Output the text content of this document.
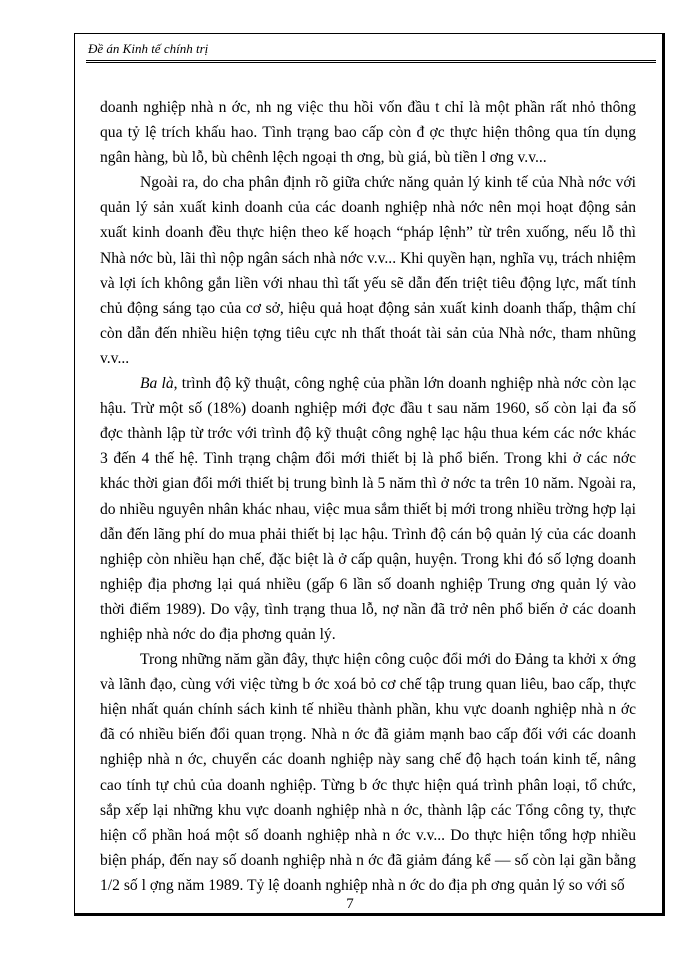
Đề án Kinh tế chính trị

doanh nghiệp nhà n ớc, nh ng việc thu hồi vốn đầu t chỉ là một phần rất nhỏ thông qua tỷ lệ trích khấu hao. Tình trạng bao cấp còn đ ợc thực hiện thông qua tín dụng ngân hàng, bù lỗ, bù chênh lệch ngoại th ơng, bù giá, bù tiền l ơng v.v...

Ngoài ra, do cha phân định rõ giữa chức năng quản lý kinh tế của Nhà nớc với quản lý sản xuất kinh doanh của các doanh nghiệp nhà nớc nên mọi hoạt động sản xuất kinh doanh đều thực hiện theo kế hoạch “pháp lệnh” từ trên xuống, nếu lỗ thì Nhà nớc bù, lãi thì nộp ngân sách nhà nớc v.v... Khi quyền hạn, nghĩa vụ, trách nhiệm và lợi ích không gắn liền với nhau thì tất yếu sẽ dẫn đến triệt tiêu động lực, mất tính chủ động sáng tạo của cơ sở, hiệu quả hoạt động sản xuất kinh doanh thấp, thậm chí còn dẫn đến nhiều hiện tợng tiêu cực nh thất thoát tài sản của Nhà nớc, tham nhũng v.v...

Ba là, trình độ kỹ thuật, công nghệ của phần lớn doanh nghiệp nhà nớc còn lạc hậu. Trừ một số (18%) doanh nghiệp mới đợc đầu t sau năm 1960, số còn lại đa số đợc thành lập từ trớc với trình độ kỹ thuật công nghệ lạc hậu thua kém các nớc khác 3 đến 4 thế hệ. Tình trạng chậm đổi mới thiết bị là phổ biến. Trong khi ở các nớc khác thời gian đổi mới thiết bị trung bình là 5 năm thì ở nớc ta trên 10 năm. Ngoài ra, do nhiều nguyên nhân khác nhau, việc mua sắm thiết bị mới trong nhiều trờng hợp lại dẫn đến lãng phí do mua phải thiết bị lạc hậu. Trình độ cán bộ quản lý của các doanh nghiệp còn nhiều hạn chế, đặc biệt là ở cấp quận, huyện. Trong khi đó số lợng doanh nghiệp địa phơng lại quá nhiều (gấp 6 lần số doanh nghiệp Trung ơng quản lý vào thời điểm 1989). Do vậy, tình trạng thua lỗ, nợ nần đã trở nên phổ biến ở các doanh nghiệp nhà nớc do địa phơng quản lý.

Trong những năm gần đây, thực hiện công cuộc đổi mới do Đảng ta khởi x ớng và lãnh đạo, cùng với việc từng b ớc xoá bỏ cơ chế tập trung quan liêu, bao cấp, thực hiện nhất quán chính sách kinh tế nhiều thành phần, khu vực doanh nghiệp nhà n ớc đã có nhiều biến đổi quan trọng. Nhà n ớc đã giảm mạnh bao cấp đối với các doanh nghiệp nhà n ớc, chuyển các doanh nghiệp này sang chế độ hạch toán kinh tế, nâng cao tính tự chủ của doanh nghiệp. Từng b ớc thực hiện quá trình phân loại, tổ chức, sắp xếp lại những khu vực doanh nghiệp nhà n ớc, thành lập các Tổng công ty, thực hiện cổ phần hoá một số doanh nghiệp nhà n ớc v.v... Do thực hiện tổng hợp nhiều biện pháp, đến nay số doanh nghiệp nhà n ớc đã giảm đáng kể — số còn lại gần bằng 1/2 số l ợng năm 1989. Tỷ lệ doanh nghiệp nhà n ớc do địa ph ơng quản lý so với số

7
